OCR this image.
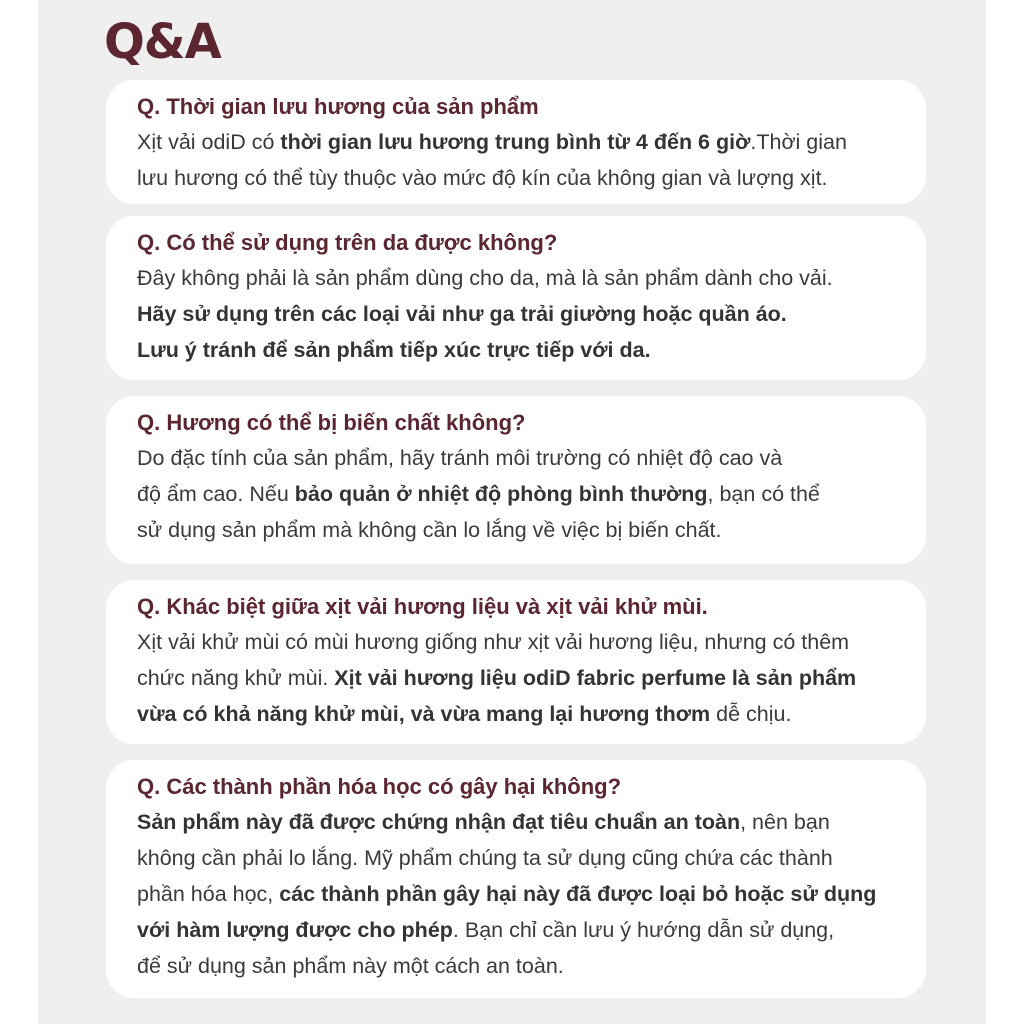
Q&A

Q. Thời gian lưu hương của sản phẩm

Xịt vải odiD có thời gian lưu hương trung bình từ 4 đến 6 giờ.Thời gian
lưu hương có thể tùy thuộc vào mức độ kín của không gian và lượng xịt.

Q. Có thể sử dụng trên da được không?

Đây không phải là sản phẩm dùng cho da, mà là sản phẩm dành cho vải.
Hãy sử dụng trên các loại vải như ga trải giường hoặc quần áo.
Lưu ý tránh để sản phẩm tiếp xúc trực tiếp với da.

Q. Hương có thể bị biến chất không?

Do đặc tính của sản phẩm, hãy tránh môi trường có nhiệt độ cao và
độ ẩm cao. Nếu bảo quản ở nhiệt độ phòng bình thường, bạn có thể
sử dụng sản phẩm mà không cần lo lắng về việc bị biến chất.

Q. Khác biệt giữa xịt vải hương liệu và xịt vải khử mùi.

Xịt vải khử mùi có mùi hương giống như xịt vải hương liệu, nhưng có thêm
chức năng khử mùi. Xịt vải hương liệu odiD fabric perfume là sản phẩm
vừa có khả năng khử mùi, và vừa mang lại hương thơm dễ chịu.

Q. Các thành phần hóa học có gây hại không?

Sản phẩm này đã được chứng nhận đạt tiêu chuẩn an toàn, nên bạn
không cần phải lo lắng. Mỹ phẩm chúng ta sử dụng cũng chứa các thành
phần hóa học, các thành phần gây hại này đã được loại bỏ hoặc sử dụng
với hàm lượng được cho phép. Bạn chỉ cần lưu ý hướng dẫn sử dụng,
để sử dụng sản phẩm này một cách an toàn.
